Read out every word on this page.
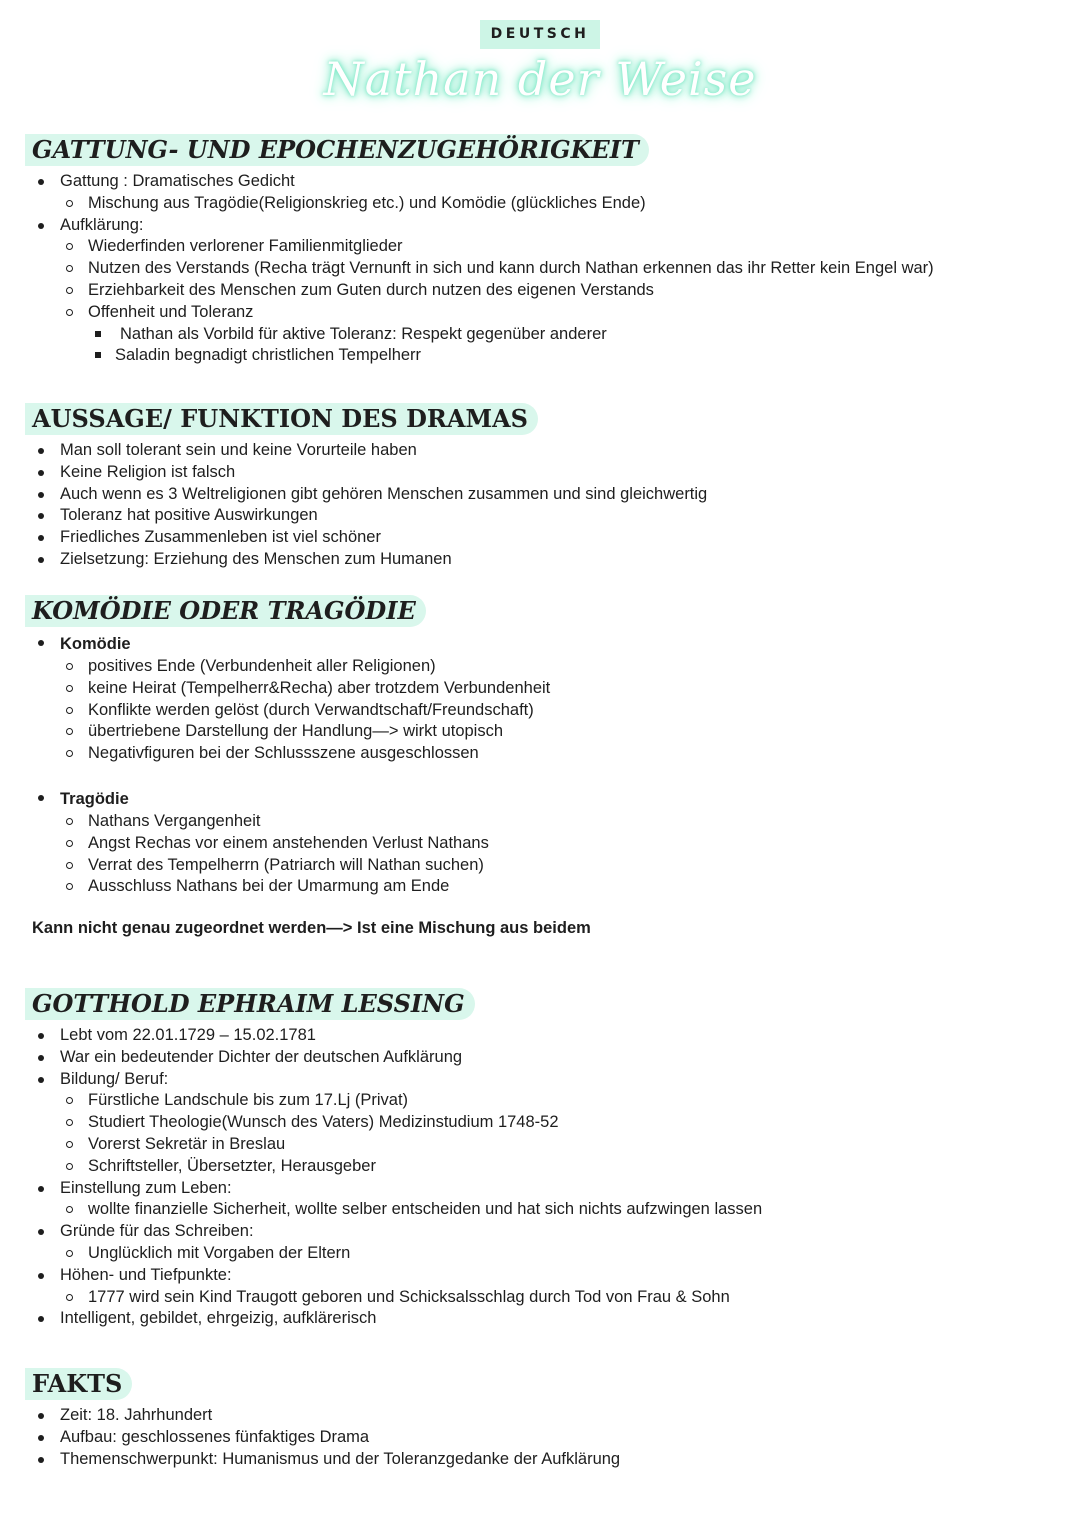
DEUTSCH
Nathan der Weise
GATTUNG- UND EPOCHENZUGEHÖRIGKEIT
Gattung : Dramatisches Gedicht
Mischung aus Tragödie(Religionskrieg etc.) und Komödie (glückliches Ende)
Aufklärung:
Wiederfinden verlorener Familienmitglieder
Nutzen des Verstands (Recha trägt Vernunft in sich und kann durch Nathan erkennen das ihr Retter kein Engel war)
Erziehbarkeit des Menschen zum Guten durch nutzen des eigenen Verstands
Offenheit und Toleranz
Nathan als Vorbild für aktive Toleranz: Respekt gegenüber anderer
Saladin begnadigt christlichen Tempelherr
AUSSAGE/ FUNKTION DES DRAMAS
Man soll tolerant sein und keine Vorurteile haben
Keine Religion ist falsch
Auch wenn es 3 Weltreligionen gibt gehören Menschen zusammen und sind gleichwertig
Toleranz hat positive Auswirkungen
Friedliches Zusammenleben ist viel schöner
Zielsetzung: Erziehung des Menschen zum Humanen
KOMÖDIE ODER TRAGÖDIE
Komödie
positives Ende (Verbundenheit aller Religionen)
keine Heirat (Tempelherr&Recha) aber trotzdem Verbundenheit
Konflikte werden gelöst (durch Verwandtschaft/Freundschaft)
übertriebene Darstellung der Handlung—> wirkt utopisch
Negativfiguren bei der Schlussszene ausgeschlossen
Tragödie
Nathans Vergangenheit
Angst Rechas vor einem anstehenden Verlust Nathans
Verrat des Tempelherrn (Patriarch will Nathan suchen)
Ausschluss Nathans bei der Umarmung am Ende
Kann nicht genau zugeordnet werden—> Ist eine Mischung aus beidem
GOTTHOLD EPHRAIM LESSING
Lebt vom 22.01.1729 – 15.02.1781
War ein bedeutender Dichter der deutschen Aufklärung
Bildung/ Beruf:
Fürstliche Landschule bis zum 17.Lj (Privat)
Studiert Theologie(Wunsch des Vaters) Medizinstudium 1748-52
Vorerst Sekretär in Breslau
Schriftsteller, Übersetzter, Herausgeber
Einstellung zum Leben:
wollte finanzielle Sicherheit, wollte selber entscheiden und hat sich nichts aufzwingen lassen
Gründe für das Schreiben:
Unglücklich mit Vorgaben der Eltern
Höhen- und Tiefpunkte:
1777 wird sein Kind Traugott geboren und Schicksalsschlag durch Tod von Frau & Sohn
Intelligent, gebildet, ehrgeizig, aufklärerisch
FAKTS
Zeit: 18. Jahrhundert
Aufbau: geschlossenes fünfaktiges Drama
Themenschwerpunkt: Humanismus und der Toleranzgedanke der Aufklärung
